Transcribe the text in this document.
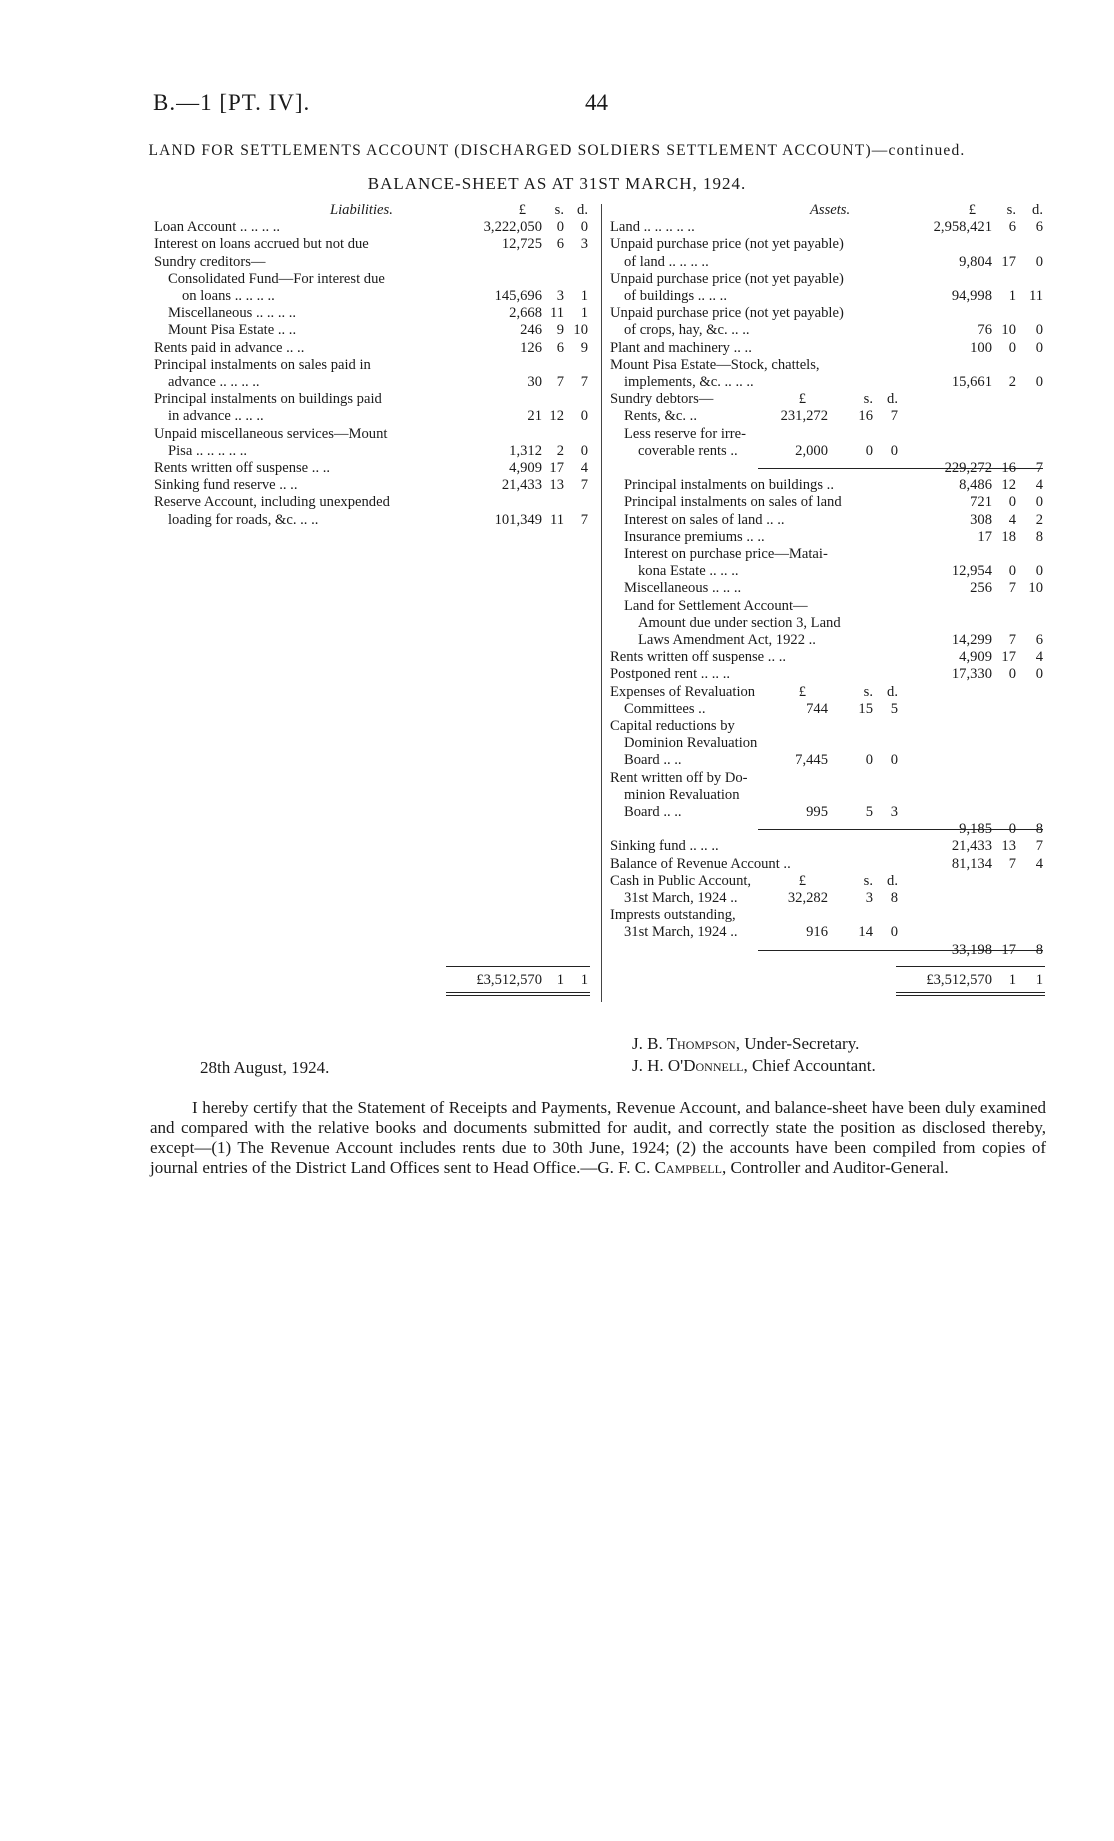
B.—1 [PT. IV].	44
LAND FOR SETTLEMENTS ACCOUNT (DISCHARGED SOLDIERS SETTLEMENT ACCOUNT)—continued.
BALANCE-SHEET AS AT 31ST MARCH, 1924.
Liabilities.	£	s. d.
Loan Account .. .. .. ..	3,222,050	0	0
Interest on loans accrued but not due	12,725	6	3
Sundry creditors—
Consolidated Fund—For interest due
on loans .. .. .. ..	145,696	3	1
Miscellaneous .. .. .. ..	2,668 11	1
Mount Pisa Estate .. ..	246	9 10
Rents paid in advance .. ..	126	6	9
Principal instalments on sales paid in
advance .. .. .. ..	30	7	7
Principal instalments on buildings paid
in advance .. .. ..	21 12	0
Unpaid miscellaneous services—Mount
Pisa .. .. .. .. ..	1,312	2	0
Rents written off suspense .. ..	4,909 17	4
Sinking fund reserve .. ..	21,433 13	7
Reserve Account, including unexpended
loading for roads, &c. .. ..	101,349 11	7
£3,512,570	1	1
Assets.	£	s.	d.
Land .. .. .. .. ..	2,958,421	6	6
Unpaid purchase price (not yet payable)
of land .. .. .. ..	9,804 17	0
Unpaid purchase price (not yet payable)
of buildings .. .. ..	94,998	1 11
Unpaid purchase price (not yet payable)
of crops, hay, &c. .. ..	76 10	0
Plant and machinery .. ..	100	0	0
Mount Pisa Estate—Stock, chattels,
implements, &c. .. .. ..	15,661	2	0
Sundry debtors—	£	s. d.
Rents, &c. ..	231,272	16	7
Less reserve for irre-
coverable rents ..	2,000	0	0
229,272 16	7
Principal instalments on buildings ..	8,486 12	4
Principal instalments on sales of land	721	0	0
Interest on sales of land .. ..	308	4	2
Insurance premiums .. ..	17 18	8
Interest on purchase price—Matai-
kona Estate .. .. ..	12,954	0	0
Miscellaneous .. .. ..	256	7 10
Land for Settlement Account—
Amount due under section 3, Land
Laws Amendment Act, 1922 ..	14,299	7	6
Rents written off suspense .. ..	4,909 17	4
Postponed rent .. .. ..	17,330	0	0
Expenses of Revaluation	£	s. d.
Committees ..	744	15	5
Capital reductions by
Dominion Revaluation
Board .. ..	7,445	0	0
Rent written off by Do-
minion Revaluation
Board .. ..	995	5	3
9,185	0	8
Sinking fund .. .. ..	21,433 13	7
Balance of Revenue Account ..	81,134	7	4
Cash in Public Account,	£	s. d.
31st March, 1924 ..	32,282	3	8
Imprests outstanding,
31st March, 1924 ..	916	14	0
33,198 17	8
£3,512,570	1	1
28th August, 1924.
J. B. Thompson, Under-Secretary.
J. H. O'Donnell, Chief Accountant.
I hereby certify that the Statement of Receipts and Payments, Revenue Account, and balance-sheet have been duly examined and compared with the relative books and documents submitted for audit, and correctly state the position as disclosed thereby, except—(1) The Revenue Account includes rents due to 30th June, 1924; (2) the accounts have been compiled from copies of journal entries of the District Land Offices sent to Head Office.—G. F. C. Campbell, Controller and Auditor-General.
